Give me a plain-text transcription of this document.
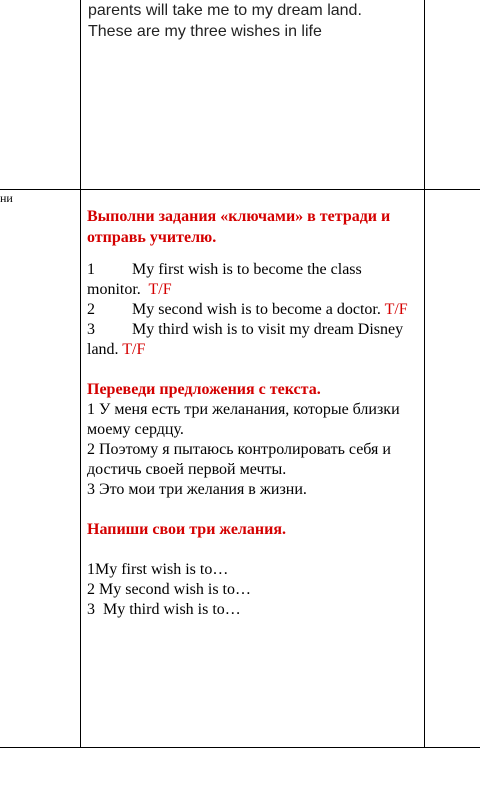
parents will take me to my dream land.

These are my three wishes in life

ни

Выполни задания «ключами» в тетради и отправь учителю.

1 My first wish is to become the class monitor. T/F

2 My second wish is to become a doctor. T/F

3 My third wish is to visit my dream Disney land. T/F

Переведи предложения с текста.

1 У меня есть три желанания, которые близки моему сердцу.

2 Поэтому я пытаюсь контролировать себя и достичь своей первой мечты.

3 Это мои три желания в жизни.

Напиши свои три желания.

1My first wish is to…

2 My second wish is to…

3  My third wish is to…
